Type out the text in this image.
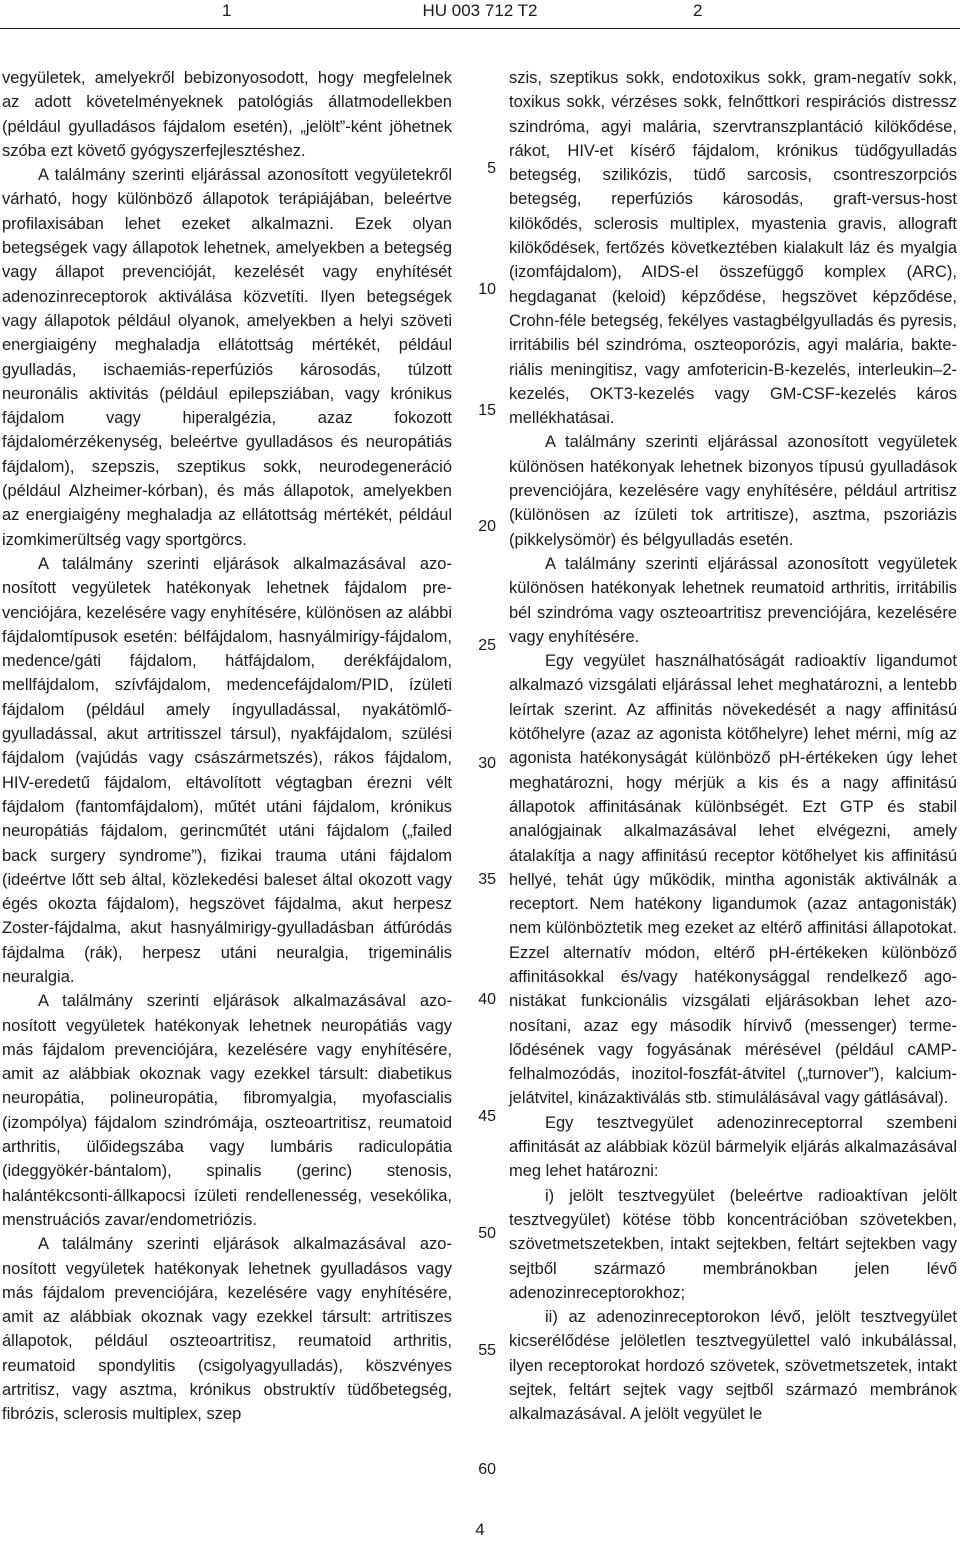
1	HU 003 712 T2	2

vegyületek, amelyekről bebizonyosodott, hogy megfelelnek az adott követelményeknek patológiás állatmodellekben (például gyulladásos fájdalom esetén), „jelölt”-ként jöhetnek szóba ezt követő gyógyszerfejlesztéshez.

A találmány szerinti eljárással azonosított vegyületekről várható, hogy különböző állapotok terápiájában, beleértve profilaxisában lehet ezeket alkalmazni. Ezek olyan betegségek vagy állapotok lehetnek, amelyekben a betegség vagy állapot prevencióját, kezelését vagy enyhítését adenozinreceptorok aktiválása közvetíti. Ilyen betegségek vagy állapotok például olyanok, amelyekben a helyi szöveti energiaigény meghaladja ellátottság mértékét, például gyulladás, ischaemiás-reperfúziós károsodás, túlzott neuronális aktivitás (például epilepsziában, vagy krónikus fájdalom vagy hiperalgézia, azaz fokozott fájdalomérzékenység, beleértve gyulladásos és neuropátiás fájdalom), szepszis, szeptikus sokk, neurodegeneráció (például Alzheimer-kórban), és más állapotok, amelyekben az energiaigény meghaladja az ellátottság mértékét, például izomkimerültség vagy sportgörcs.

A találmány szerinti eljárások alkalmazásával azonosított vegyületek hatékonyak lehetnek fájdalom prevenciójára, kezelésére vagy enyhítésére, különösen az alábbi fájdalomtípusok esetén: bélfájdalom, hasnyálmirigy-fájdalom, medence/gáti fájdalom, hátfájdalom, derékfájdalom, mellfájdalom, szívfájdalom, medencefájdalom/PID, ízületi fájdalom (például amely íngyulladással, nyakátömlő-gyulladással, akut artritisszel társul), nyakfájdalom, szülési fájdalom (vajúdás vagy császármetszés), rákos fájdalom, HIV-eredetű fájdalom, eltávolított végtagban érezni vélt fájdalom (fantomfájdalom), műtét utáni fájdalom, krónikus neuropátiás fájdalom, gerincműtét utáni fájdalom („failed back surgery syndrome”), fizikai trauma utáni fájdalom (ideértve lőtt seb által, közlekedési baleset által okozott vagy égés okozta fájdalom), hegszövet fájdalma, akut herpesz Zoster-fájdalma, akut hasnyálmirigy-gyulladásban átfúródás fájdalma (rák), herpesz utáni neuralgia, trigeminális neuralgia.

A találmány szerinti eljárások alkalmazásával azonosított vegyületek hatékonyak lehetnek neuropátiás vagy más fájdalom prevenciójára, kezelésére vagy enyhítésére, amit az alábbiak okoznak vagy ezekkel társult: diabetikus neuropátia, polineuropátia, fibromyalgia, myofascialis (izompólya) fájdalom szindrómája, oszteoartritisz, reumatoid arthritis, ülőidegszába vagy lumbáris radiculopátia (ideggyökér-bántalom), spinalis (gerinc) stenosis, halántékcsonti-állkapocsi ízületi rendellenesség, vesekólika, menstruációs zavar/endometriózis.

A találmány szerinti eljárások alkalmazásával azonosított vegyületek hatékonyak lehetnek gyulladásos vagy más fájdalom prevenciójára, kezelésére vagy enyhítésére, amit az alábbiak okoznak vagy ezekkel társult: artritiszes állapotok, például oszteoartritisz, reumatoid arthritis, reumatoid spondylitis (csigolyagyulladás), köszvényes artritisz, vagy asztma, krónikus obstruktív tüdőbetegség, fibrózis, sclerosis multiplex, szep

5
10
15
20
25
30
35
40
45
50
55
60

szis, szeptikus sokk, endotoxikus sokk, gram-negatív sokk, toxikus sokk, vérzéses sokk, felnőttkori respirációs distressz szindróma, agyi malária, szervtranszplantáció kilökődése, rákot, HIV-et kísérő fájdalom, krónikus tüdőgyulladás betegség, szilikózis, tüdő sarcosis, csontreszorpciós betegség, reperfúziós károsodás, graft-versus-host kilökődés, sclerosis multiplex, myastenia gravis, allograft kilökődések, fertőzés következtében kialakult láz és myalgia (izomfájdalom), AIDS-el összefüggő komplex (ARC), hegdaganat (keloid) képződése, hegszövet képződése, Crohn-féle betegség, fekélyes vastagbélgyulladás és pyresis, irritábilis bél szindróma, oszteoporózis, agyi malária, bakteriális meningitisz, vagy amfotericin-B-kezelés, interleukin–2-kezelés, OKT3-kezelés vagy GM-CSF-kezelés káros mellékhatásai.

A találmány szerinti eljárással azonosított vegyületek különösen hatékonyak lehetnek bizonyos típusú gyulladások prevenciójára, kezelésére vagy enyhítésére, például artritisz (különösen az ízületi tok artritisze), asztma, pszoriázis (pikkelysömör) és bélgyulladás esetén.

A találmány szerinti eljárással azonosított vegyületek különösen hatékonyak lehetnek reumatoid arthritis, irritábilis bél szindróma vagy oszteoartritisz prevenciójára, kezelésére vagy enyhítésére.

Egy vegyület használhatóságát radioaktív ligandumot alkalmazó vizsgálati eljárással lehet meghatározni, a lentebb leírtak szerint. Az affinitás növekedését a nagy affinitású kötőhelyre (azaz az agonista kötőhelyre) lehet mérni, míg az agonista hatékonyságát különböző pH-értékeken úgy lehet meghatározni, hogy mérjük a kis és a nagy affinitású állapotok affinitásának különbségét. Ezt GTP és stabil analógjainak alkalmazásával lehet elvégezni, amely átalakítja a nagy affinitású receptor kötőhelyet kis affinitású hellyé, tehát úgy működik, mintha agonisták aktiválnák a receptort. Nem hatékony ligandumok (azaz antagonisták) nem különböztetik meg ezeket az eltérő affinitási állapotokat. Ezzel alternatív módon, eltérő pH-értékeken különböző affinitásokkal és/vagy hatékonysággal rendelkező agonistákat funkcionális vizsgálati eljárásokban lehet azonosítani, azaz egy második hírvivő (messenger) termelődésének vagy fogyásának mérésével (például cAMP-felhalmozódás, inozitol-foszfát-átvitel („turnover”), kalcium-jelátvitel, kinázaktiválás stb. stimulálásával vagy gátlásával).

Egy tesztvegyület adenozinreceptorral szembeni affinitását az alábbiak közül bármelyik eljárás alkalmazásával meg lehet határozni:

i) jelölt tesztvegyület (beleértve radioaktívan jelölt tesztvegyület) kötése több koncentrációban szövetekben, szövetmetszetekben, intakt sejtekben, feltárt sejtekben vagy sejtből származó membránokban jelen lévő adenozinreceptorokhoz;

ii) az adenozinreceptorokon lévő, jelölt tesztvegyület kicserélődése jelöletlen tesztvegyülettel való inkubálással, ilyen receptorokat hordozó szövetek, szövetmetszetek, intakt sejtek, feltárt sejtek vagy sejtből származó membránok alkalmazásával. A jelölt vegyület le

4
